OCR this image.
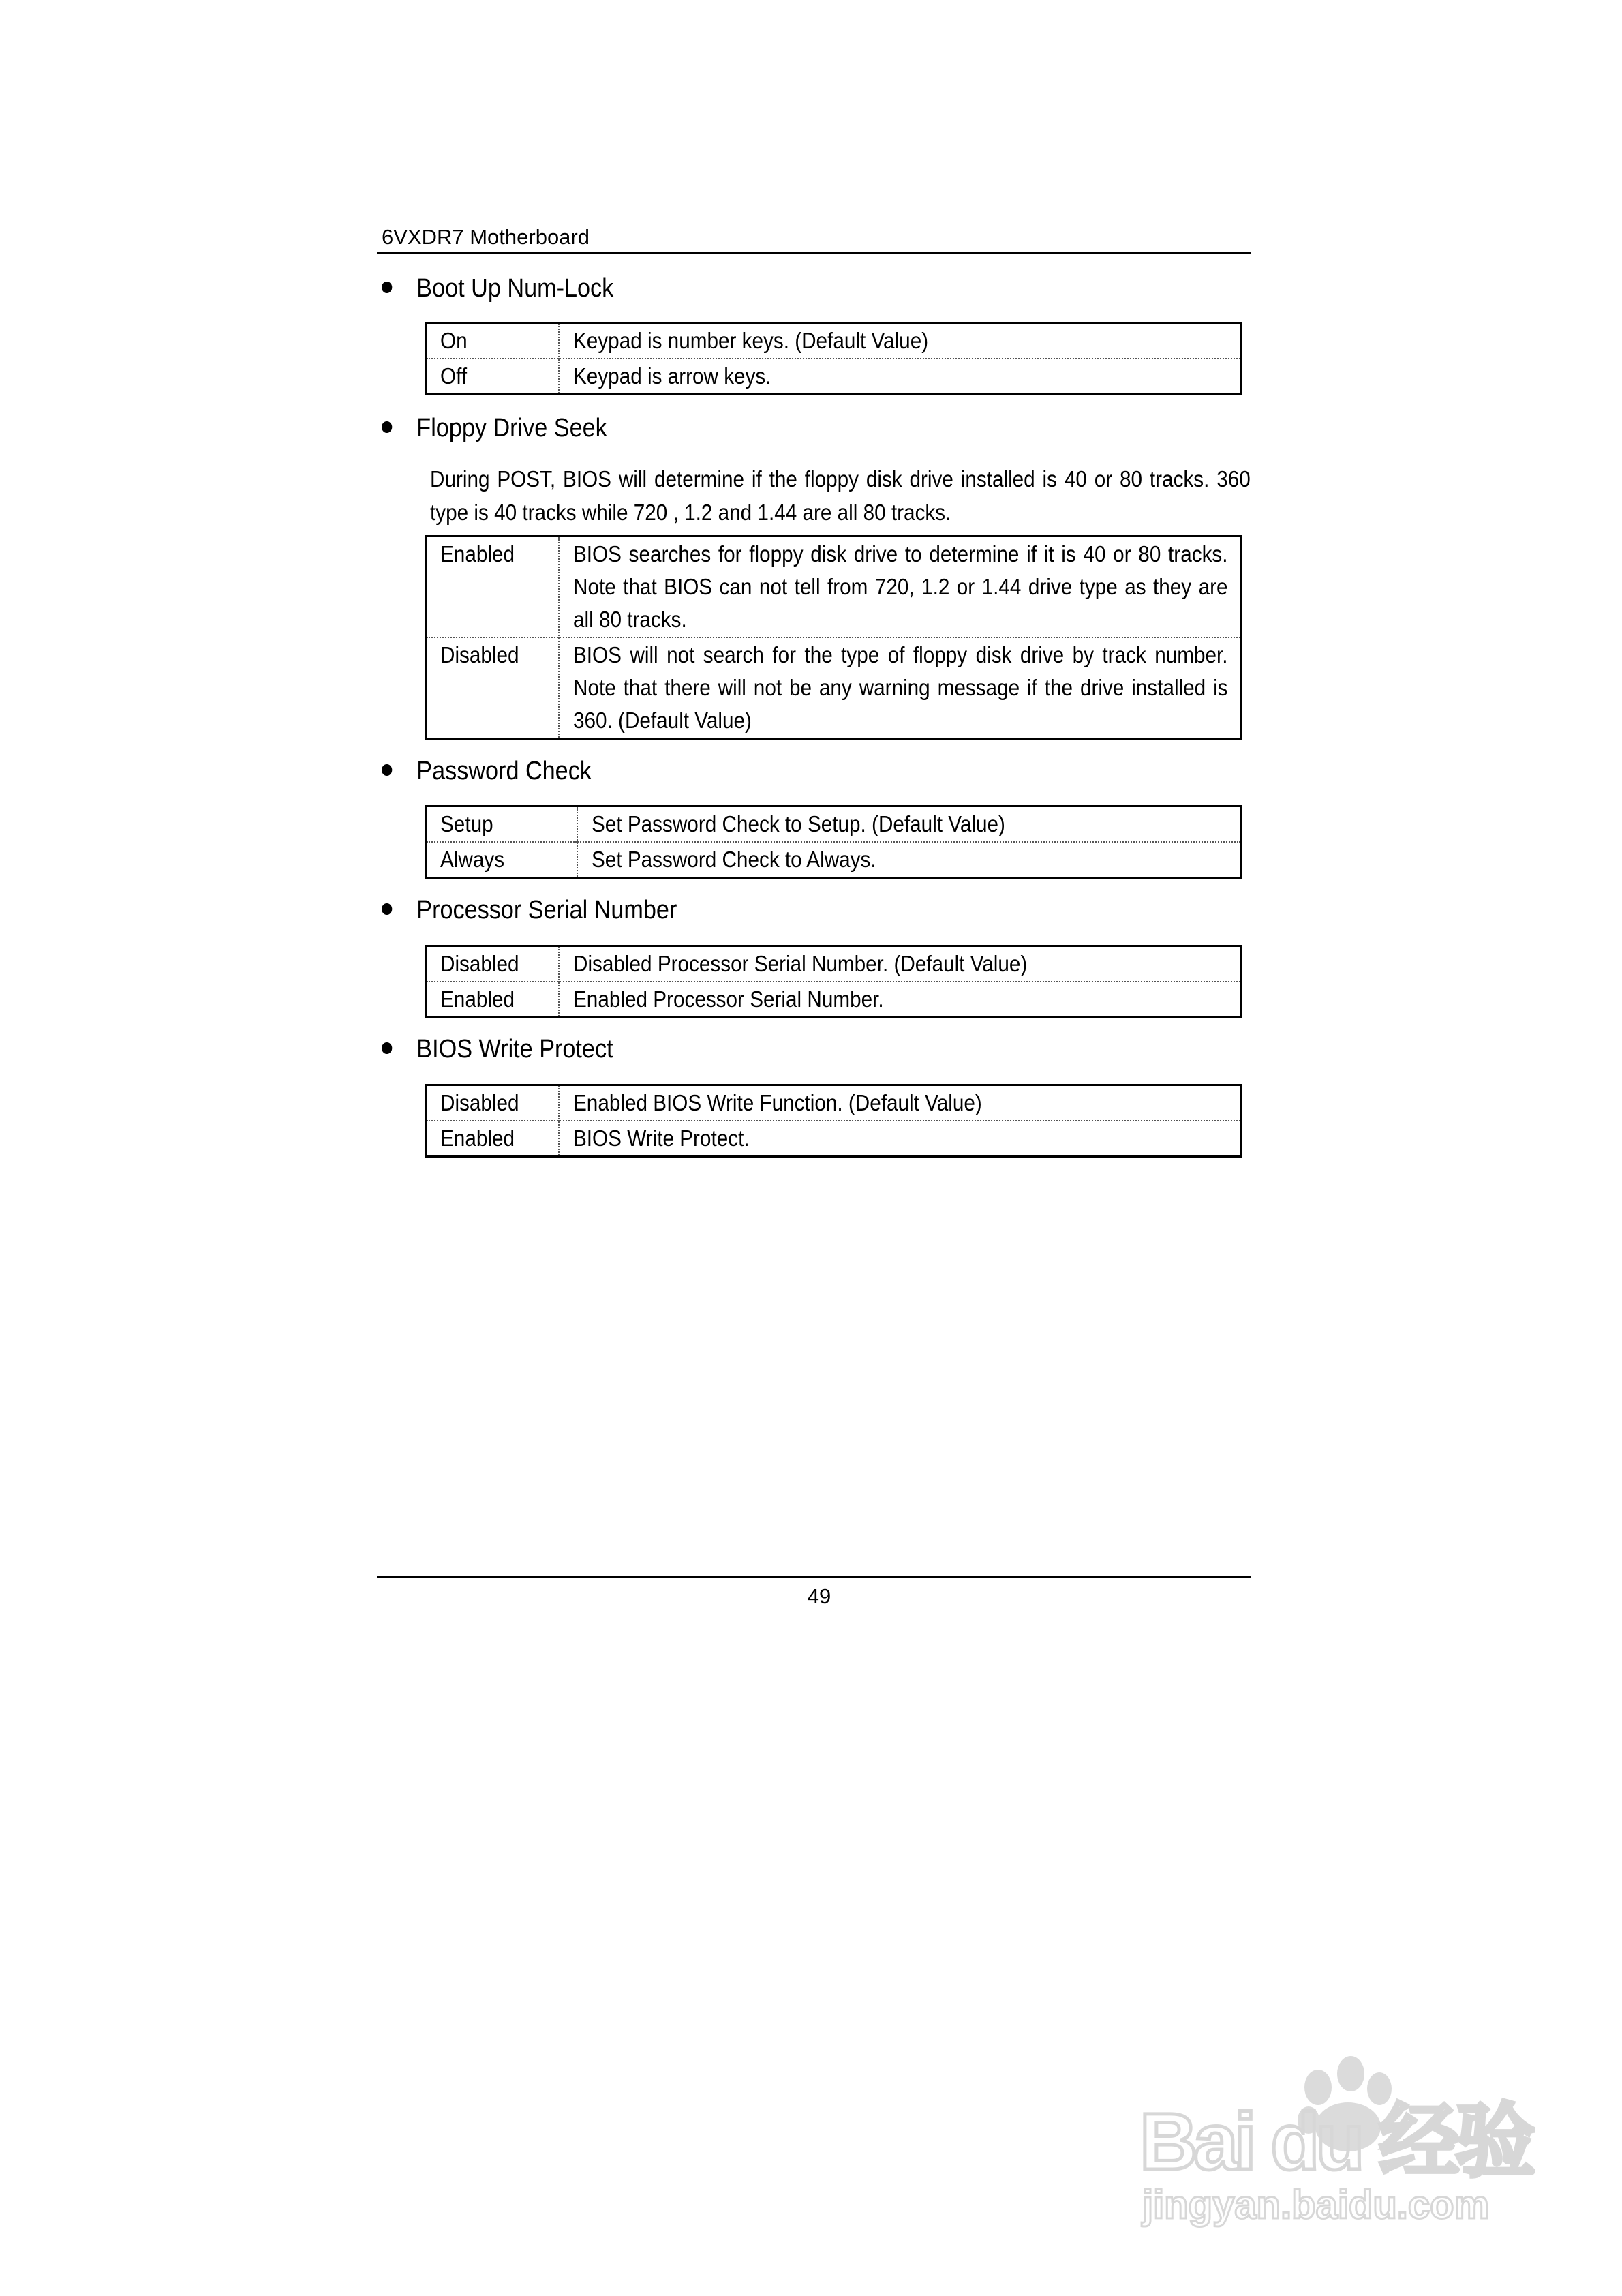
6VXDR7 Motherboard
Boot Up Num-Lock
On	Keypad is number keys. (Default Value)
Off	Keypad is arrow keys.
Floppy Drive Seek
During POST, BIOS will determine if the floppy disk drive installed is 40 or 80 tracks. 360 type is 40 tracks while 720 , 1.2 and 1.44 are all 80 tracks.
Enabled	BIOS searches for floppy disk drive to determine if it is 40 or 80 tracks. Note that BIOS can not tell from 720, 1.2 or 1.44 drive type as they are all 80 tracks.

Disabled	BIOS will not search for the type of floppy disk drive by track number. Note that there will not be any warning message if the drive installed is 360. (Default Value)
Password Check
Setup	Set Password Check to Setup. (Default Value)
Always	Set Password Check to Always.
Processor Serial Number
Disabled	Disabled Processor Serial Number. (Default Value)
Enabled	Enabled Processor Serial Number.
BIOS Write Protect
Disabled	Enabled BIOS Write Function. (Default Value)
Enabled	BIOS Write Protect.
49
Bai du 经验
jingyan.baidu.com
